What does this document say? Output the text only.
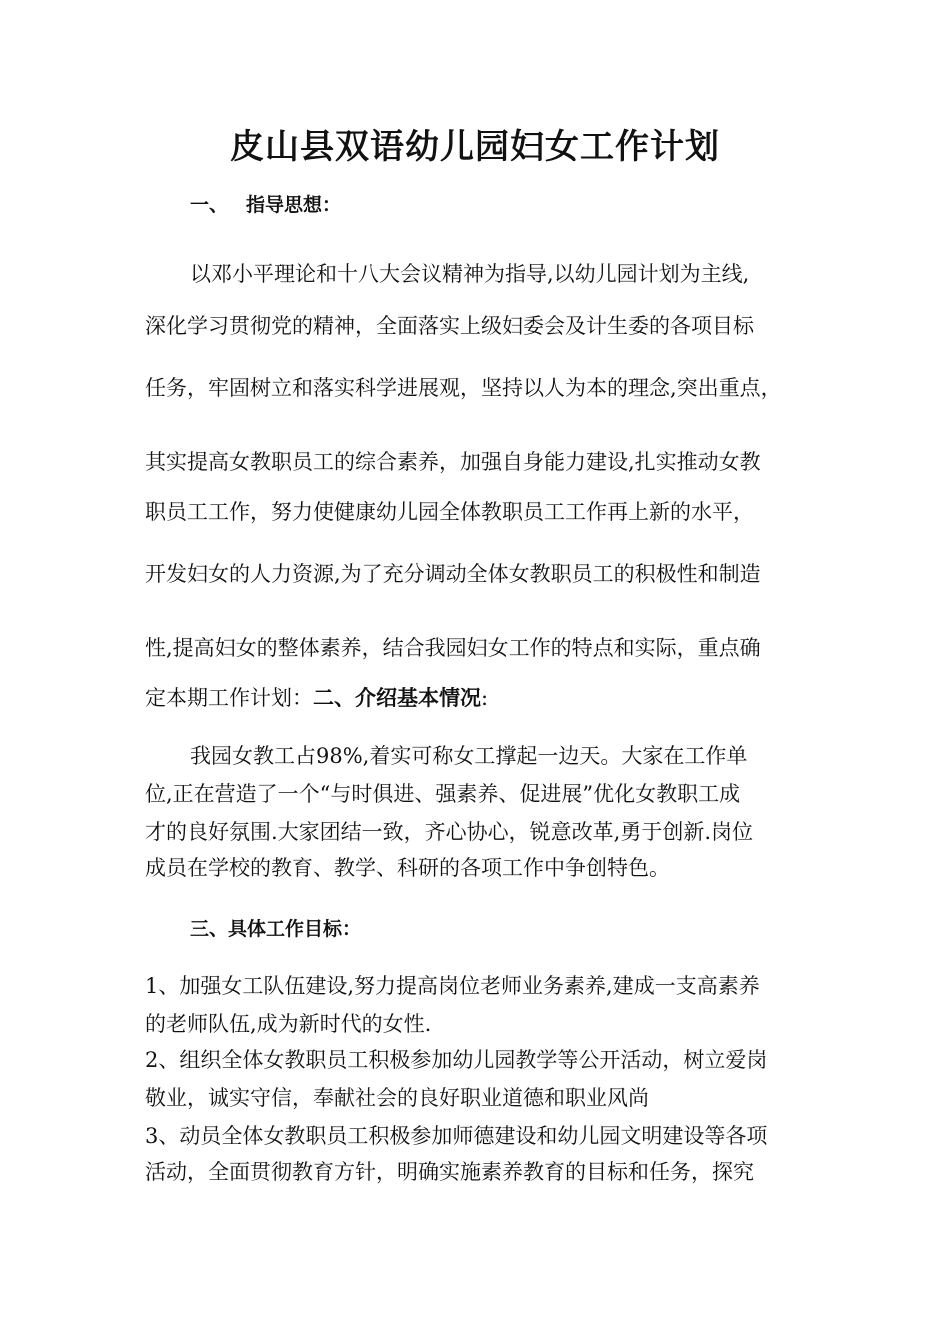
皮山县双语幼儿园妇女工作计划
一、 指导思想：
以邓小平理论和十八大会议精神为指导,以幼儿园计划为主线,
深化学习贯彻党的精神，全面落实上级妇委会及计生委的各项目标
任务，牢固树立和落实科学进展观，坚持以人为本的理念,突出重点，
其实提高女教职员工的综合素养，加强自身能力建设,扎实推动女教
职员工工作，努力使健康幼儿园全体教职员工工作再上新的水平，
开发妇女的人力资源,为了充分调动全体女教职员工的积极性和制造
性,提高妇女的整体素养，结合我园妇女工作的特点和实际，重点确
定本期工作计划：二、介绍基本情况:
我园女教工占98%,着实可称女工撑起一边天。大家在工作单
位,正在营造了一个“与时俱进、强素养、促进展”优化女教职工成
才的良好氛围.大家团结一致，齐心协心，锐意改革,勇于创新.岗位
成员在学校的教育、教学、科研的各项工作中争创特色。
三、具体工作目标：
1、加强女工队伍建设,努力提高岗位老师业务素养,建成一支高素养
的老师队伍,成为新时代的女性.
2、组织全体女教职员工积极参加幼儿园教学等公开活动，树立爱岗
敬业，诚实守信，奉献社会的良好职业道德和职业风尚
3、动员全体女教职员工积极参加师德建设和幼儿园文明建设等各项
活动，全面贯彻教育方针，明确实施素养教育的目标和任务，探究
